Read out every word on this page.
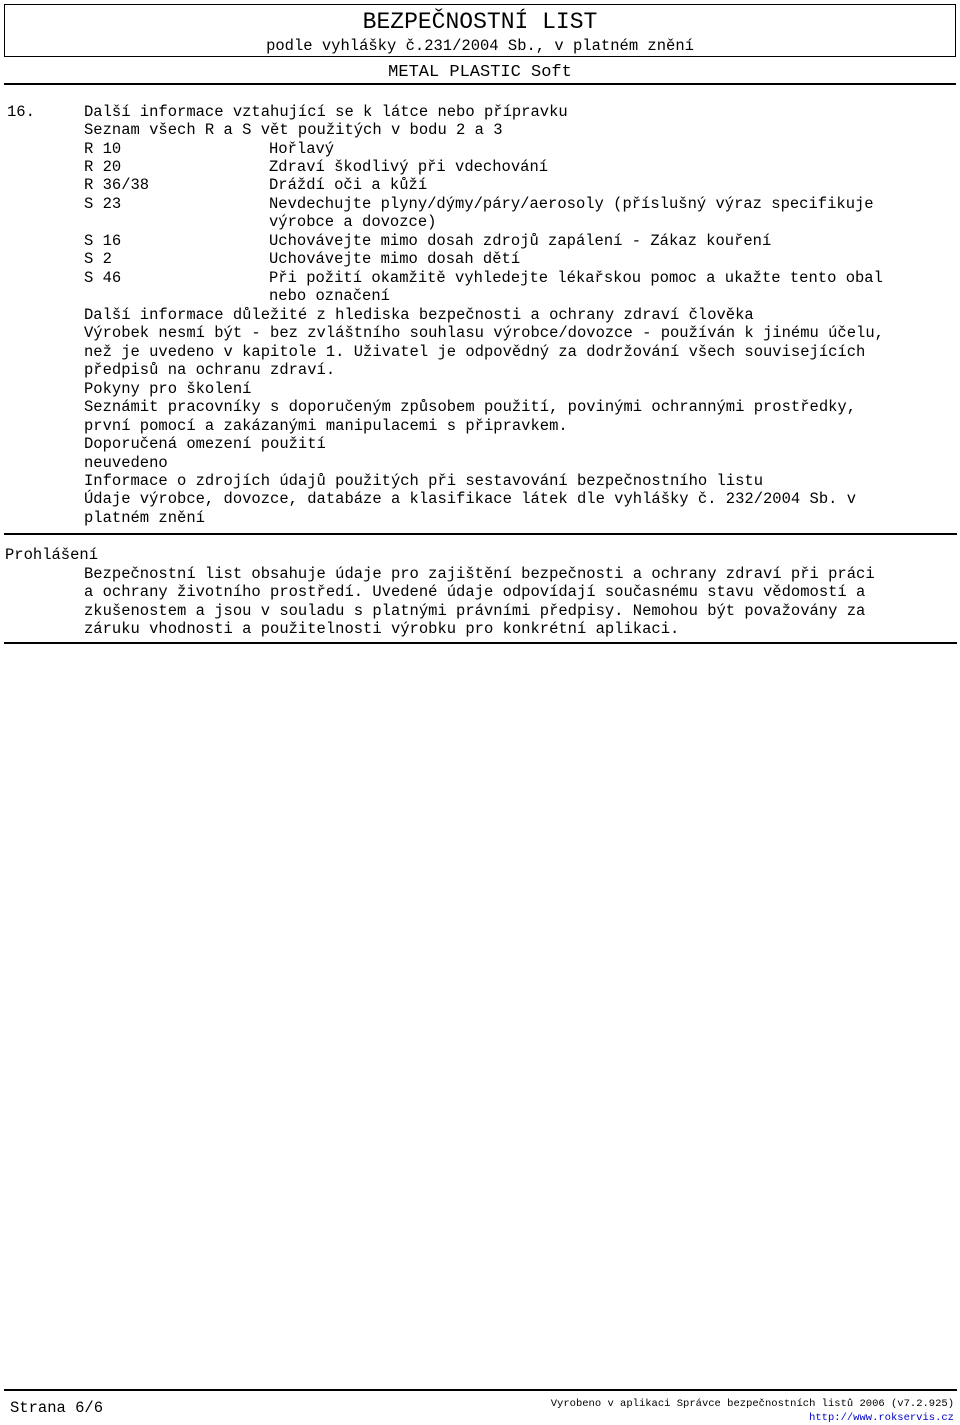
BEZPEČNOSTNÍ LIST
podle vyhlášky č.231/2004 Sb., v platném znění
METAL PLASTIC Soft
16.	Další informace vztahující se k látce nebo přípravku
Seznam všech R a S vět použitých v bodu 2 a 3
R 10	Hořlavý
R 20	Zdraví škodlivý při vdechování
R 36/38	Dráždí oči a kůží
S 23	Nevdechujte plyny/dýmy/páry/aerosoly (příslušný výraz specifikuje
výrobce a dovozce)
S 16	Uchovávejte mimo dosah zdrojů zapálení - Zákaz kouření
S 2	Uchovávejte mimo dosah dětí
S 46	Při požití okamžitě vyhledejte lékařskou pomoc a ukažte tento obal
nebo označení
Další informace důležité z hlediska bezpečnosti a ochrany zdraví člověka
Výrobek nesmí být - bez zvláštního souhlasu výrobce/dovozce - používán k jinému účelu,
než je uvedeno v kapitole 1. Uživatel je odpovědný za dodržování všech souvisejících
předpisů na ochranu zdraví.
Pokyny pro školení
Seznámit pracovníky s doporučeným způsobem použití, povinými ochrannými prostředky,
první pomocí a zakázanými manipulacemi s připravkem.
Doporučená omezení použití
neuvedeno
Informace o zdrojích údajů použitých při sestavování bezpečnostního listu
Údaje výrobce, dovozce, databáze a klasifikace látek dle vyhlášky č. 232/2004 Sb. v
platném znění
Prohlášení
Bezpečnostní list obsahuje údaje pro zajištění bezpečnosti a ochrany zdraví při práci
a ochrany životního prostředí. Uvedené údaje odpovídají současnému stavu vědomostí a
zkušenostem a jsou v souladu s platnými právními předpisy. Nemohou být považovány za
záruku vhodnosti a použitelnosti výrobku pro konkrétní aplikaci.
Strana 6/6	Vyrobeno v aplikaci Správce bezpečnostních listů 2006 (v7.2.925)
http://www.rokservis.cz
